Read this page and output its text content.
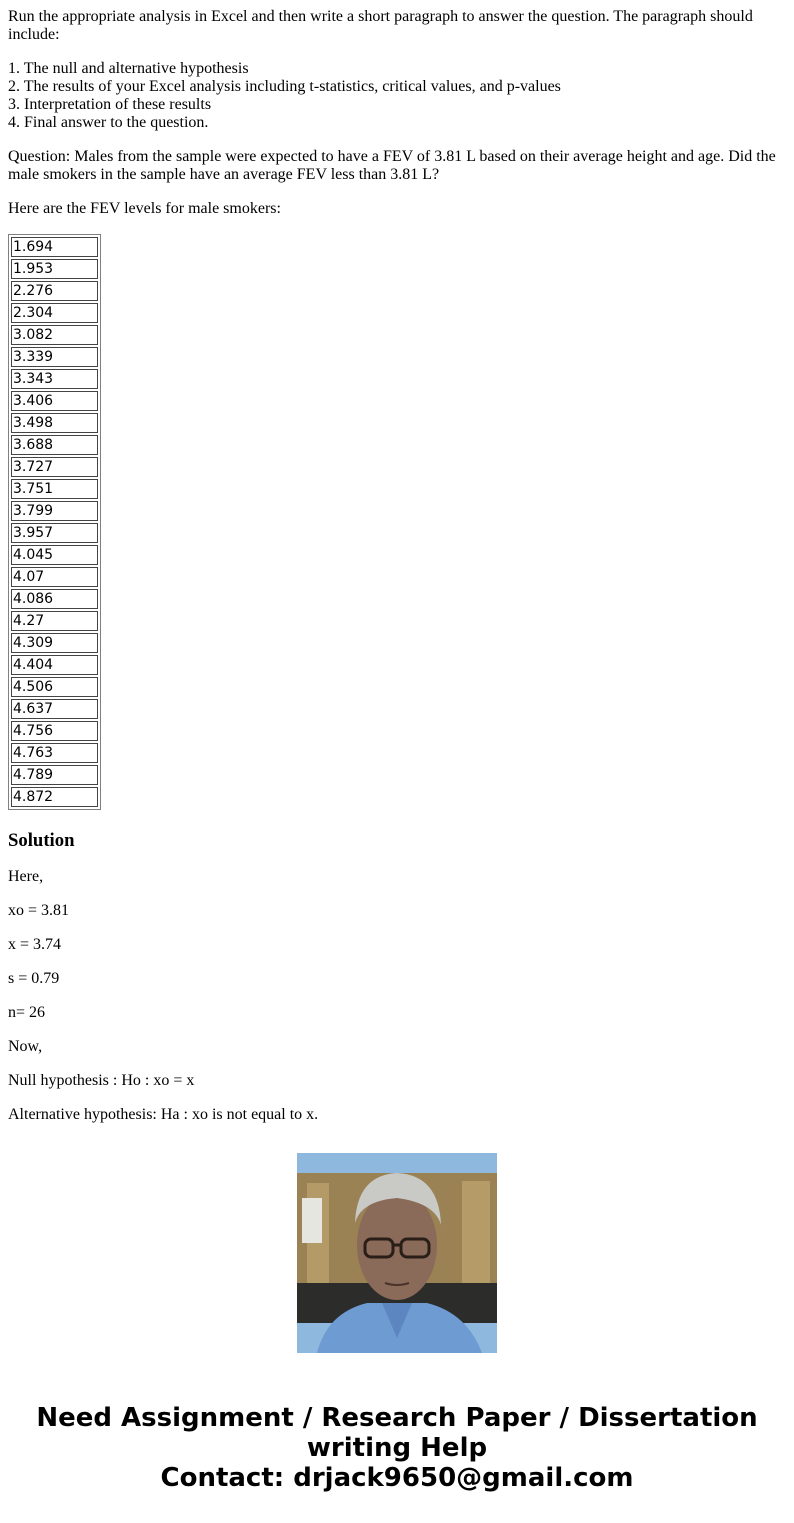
Run the appropriate analysis in Excel and then write a short paragraph to answer the question. The paragraph should include:

1. The null and alternative hypothesis
2. The results of your Excel analysis including t-statistics, critical values, and p-values
3. Interpretation of these results
4. Final answer to the question.

Question: Males from the sample were expected to have a FEV of 3.81 L based on their average height and age. Did the male smokers in the sample have an average FEV less than 3.81 L?

Here are the FEV levels for male smokers:

1.694
1.953
2.276
2.304
3.082
3.339
3.343
3.406
3.498
3.688
3.727
3.751
3.799
3.957
4.045
4.07
4.086
4.27
4.309
4.404
4.506
4.637
4.756
4.763
4.789
4.872
Solution

Here,

xo = 3.81

x = 3.74

s = 0.79

n= 26

Now,

Null hypothesis : Ho : xo = x

Alternative hypothesis: Ha : xo is not equal to x.

Need Assignment / Research Paper / Dissertation
writing Help
Contact: drjack9650@gmail.com
